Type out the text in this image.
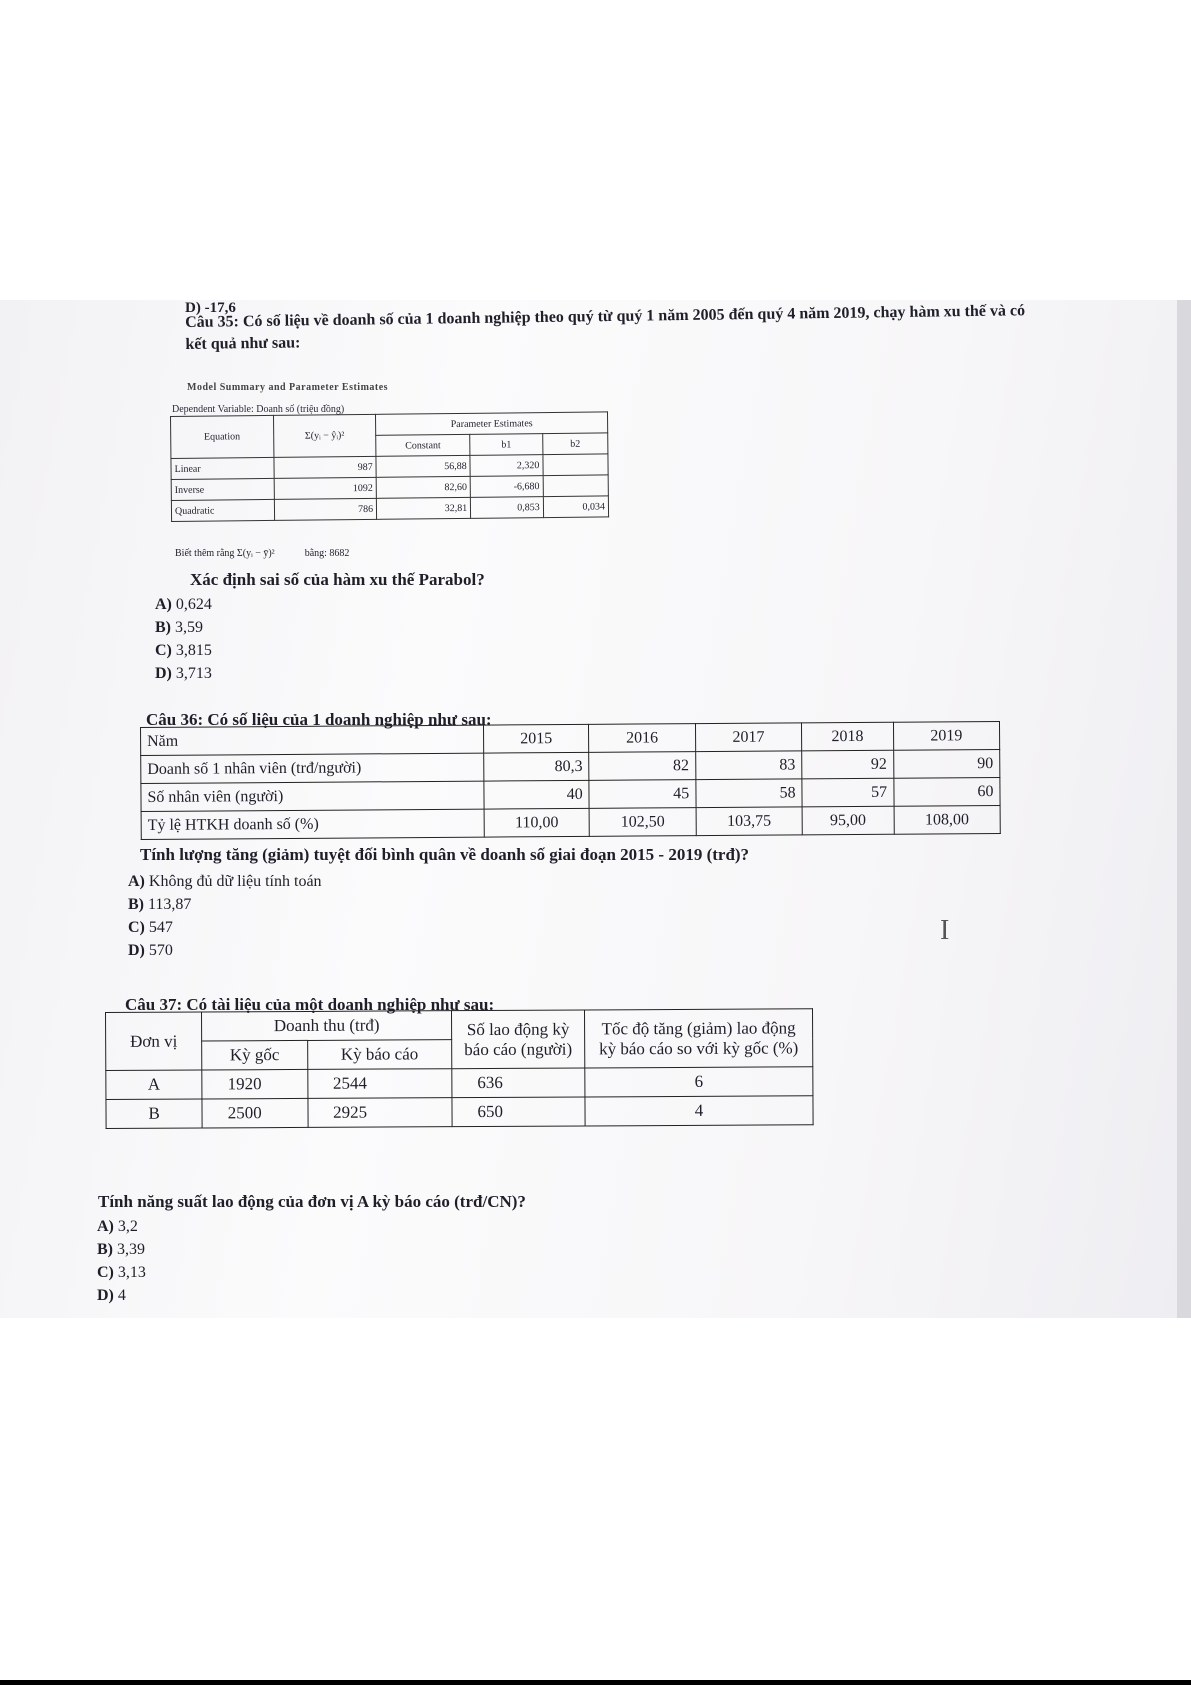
D) -17,6
Câu 35: Có số liệu về doanh số của 1 doanh nghiệp theo quý từ quý 1 năm 2005 đến quý 4 năm 2019, chạy hàm xu thế và có kết quả như sau:
Model Summary and Parameter Estimates
Dependent Variable: Doanh số (triệu đồng)
Equation	Σ(yᵢ − ŷᵢ)²	Parameter Estimates		
		Constant	b1	b2
Linear	987	56,88	2,320	
Inverse	1092	82,60	-6,680	
Quadratic	786	32,81	0,853	0,034
Biết thêm rằng Σ(yᵢ − ȳ)²	bằng: 8682
Xác định sai số của hàm xu thế Parabol?
A) 0,624
B) 3,59
C) 3,815
D) 3,713
Câu 36: Có số liệu của 1 doanh nghiệp như sau:
Năm	2015	2016	2017	2018	2019
Doanh số 1 nhân viên (trđ/người)	80,3	82	83	92	90
Số nhân viên (người)	40	45	58	57	60
Tỷ lệ HTKH doanh số (%)	110,00	102,50	103,75	95,00	108,00
Tính lượng tăng (giảm) tuyệt đối bình quân về doanh số giai đoạn 2015 - 2019 (trđ)?
A) Không đủ dữ liệu tính toán
B) 113,87
C) 547
D) 570
I
Câu 37: Có tài liệu của một doanh nghiệp như sau:
Đơn vị	Doanh thu (trđ)		Số lao động kỳ báo cáo (người)	Tốc độ tăng (giảm) lao động kỳ báo cáo so với kỳ gốc (%)
	Kỳ gốc	Kỳ báo cáo		
A	1920	2544	636	6
B	2500	2925	650	4
Tính năng suất lao động của đơn vị A kỳ báo cáo (trđ/CN)?
A) 3,2
B) 3,39
C) 3,13
D) 4
